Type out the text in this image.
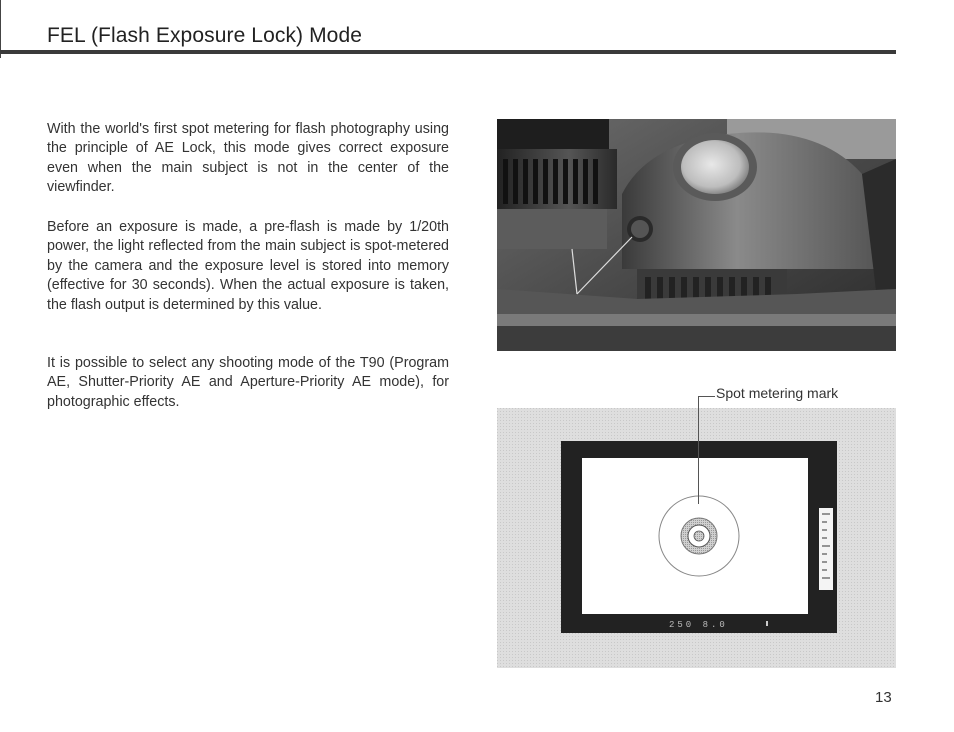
FEL (Flash Exposure Lock) Mode

With the world's first spot metering for flash photography using the principle of AE Lock, this mode gives correct exposure even when the main subject is not in the center of the viewfinder.

Before an exposure is made, a pre-flash is made by 1/20th power, the light reflected from the main subject is spot-metered by the camera and the exposure level is stored into memory (effective for 30 seconds). When the actual exposure is taken, the flash output is determined by this value.

It is possible to select any shooting mode of the T90 (Program AE, Shutter-Priority AE and Aperture-Priority AE mode), for photographic effects.

Spot metering mark
250 8.0
13
